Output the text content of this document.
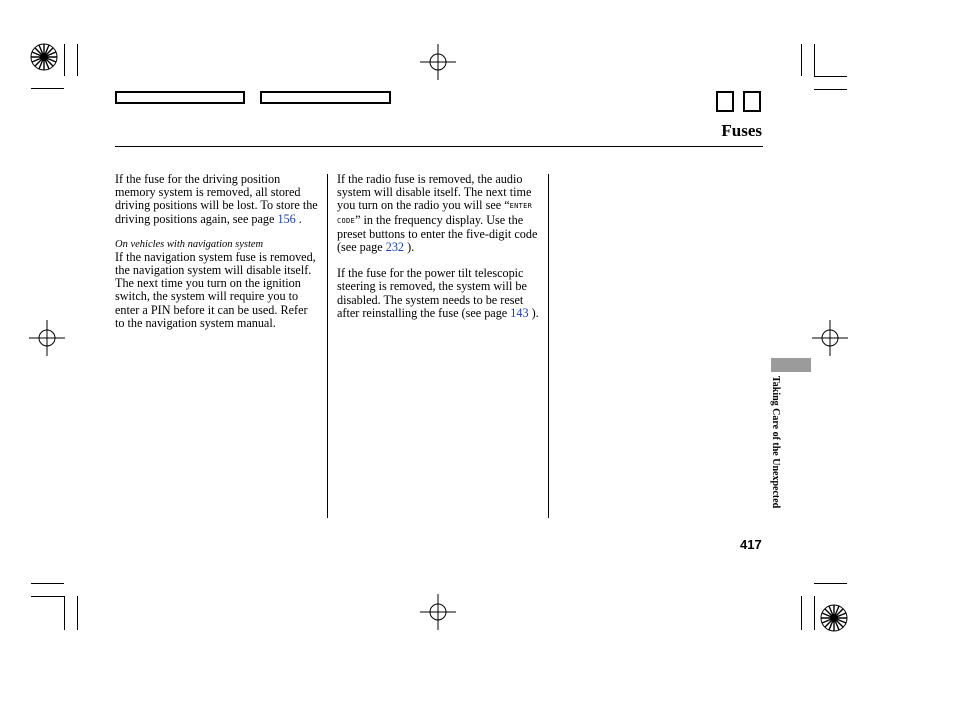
Fuses

If the fuse for the driving position memory system is removed, all stored driving positions will be lost. To store the driving positions again, see page 156 .

On vehicles with navigation system

If the navigation system fuse is removed, the navigation system will disable itself. The next time you turn on the ignition switch, the system will require you to enter a PIN before it can be used. Refer to the navigation system manual.

If the radio fuse is removed, the audio system will disable itself. The next time you turn on the radio you will see “ENTER CODE” in the frequency display. Use the preset buttons to enter the five-digit code (see page 232 ).

If the fuse for the power tilt telescopic steering is removed, the system will be disabled. The system needs to be reset after reinstalling the fuse (see page 143 ).

Taking Care of the Unexpected
417
